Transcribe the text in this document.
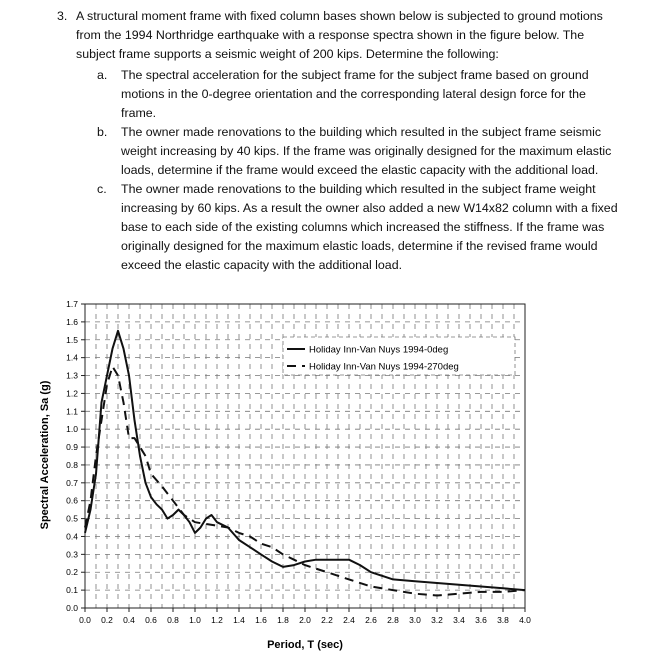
3. A structural moment frame with fixed column bases shown below is subjected to ground motions from the 1994 Northridge earthquake with a response spectra shown in the figure below. The subject frame supports a seismic weight of 200 kips. Determine the following:
a.	The spectral acceleration for the subject frame for the subject frame based on ground motions in the 0-degree orientation and the corresponding lateral design force for the frame.
b.	The owner made renovations to the building which resulted in the subject frame seismic weight increasing by 40 kips. If the frame was originally designed for the maximum elastic loads, determine if the frame would exceed the elastic capacity with the additional load.
c.	The owner made renovations to the building which resulted in the subject frame weight increasing by 60 kips. As a result the owner also added a new W14x82 column with a fixed base to each side of the existing columns which increased the stiffness. If the frame was originally designed for the maximum elastic loads, determine if the revised frame would exceed the elastic capacity with the additional load.
0.0 0.2 0.4 0.6 0.8 1.0 1.2 1.4 1.6 1.8 2.0 2.2 2.4 2.6 2.8 3.0 3.2 3.4 3.6 3.8 4.0
0.0
0.1
0.2
0.3
0.4
0.5
0.6
0.7
0.8
0.9
1.0
1.1
1.2
1.3
1.4
1.5
1.6
1.7
Holiday Inn-Van Nuys 1994-0deg
Holiday Inn-Van Nuys 1994-270deg
Period, T (sec)
Spectral Acceleration, Sa (g)
